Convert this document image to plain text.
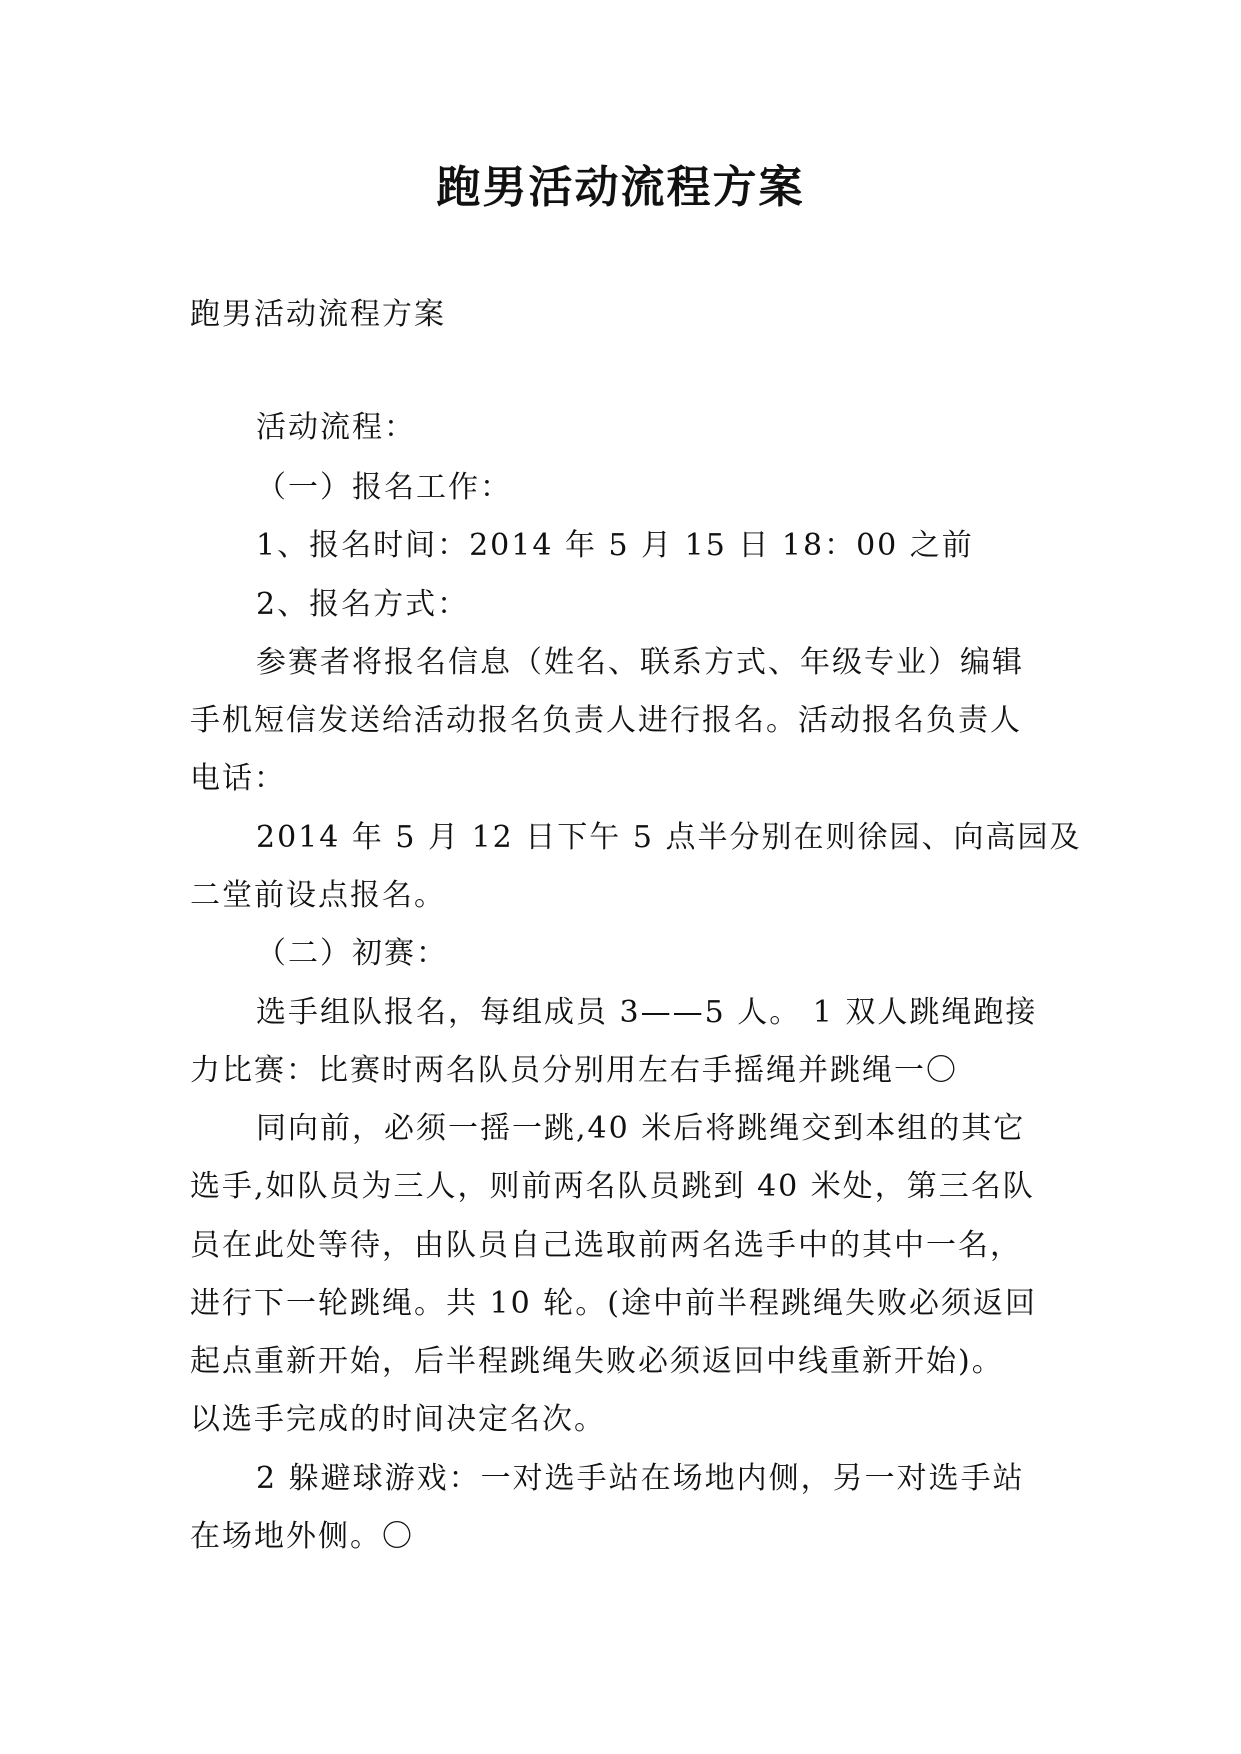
跑男活动流程方案

跑男活动流程方案

活动流程：

（一）报名工作：

1、报名时间：2014 年 5 月 15 日 18：00 之前

2、报名方式：

参赛者将报名信息（姓名、联系方式、年级专业）编辑

手机短信发送给活动报名负责人进行报名。活动报名负责人

电话：

2014 年 5 月 12 日下午 5 点半分别在则徐园、向高园及

二堂前设点报名。

（二）初赛：

选手组队报名，每组成员 3——5 人。 1 双人跳绳跑接

力比赛：比赛时两名队员分别用左右手摇绳并跳绳一〇

同向前，必须一摇一跳,40 米后将跳绳交到本组的其它

选手,如队员为三人，则前两名队员跳到 40 米处，第三名队

员在此处等待，由队员自己选取前两名选手中的其中一名，

进行下一轮跳绳。共 10 轮。(途中前半程跳绳失败必须返回

起点重新开始，后半程跳绳失败必须返回中线重新开始)。

以选手完成的时间决定名次。

2 躲避球游戏：一对选手站在场地内侧，另一对选手站

在场地外侧。〇
